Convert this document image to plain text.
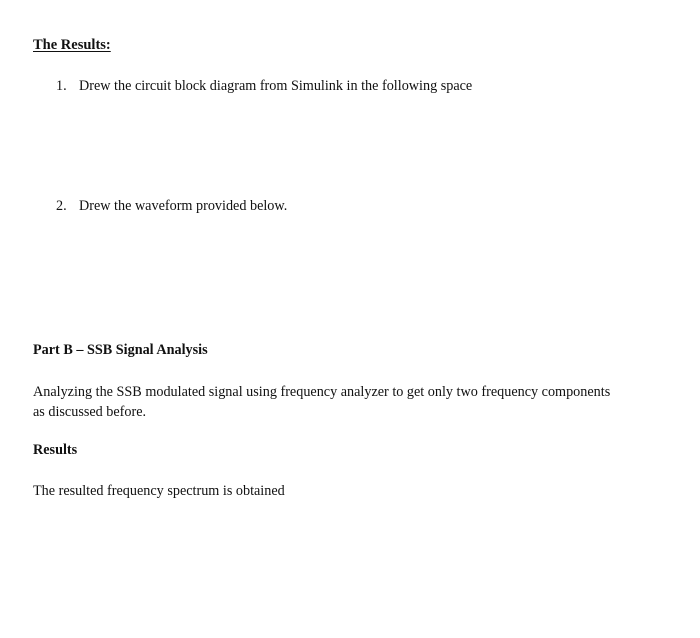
The Results:
1. Drew the circuit block diagram from Simulink in the following space
2. Drew the waveform provided below.
Part B – SSB Signal Analysis
Analyzing the SSB modulated signal using frequency analyzer to get only two frequency components
as discussed before.
Results
The resulted frequency spectrum is obtained
